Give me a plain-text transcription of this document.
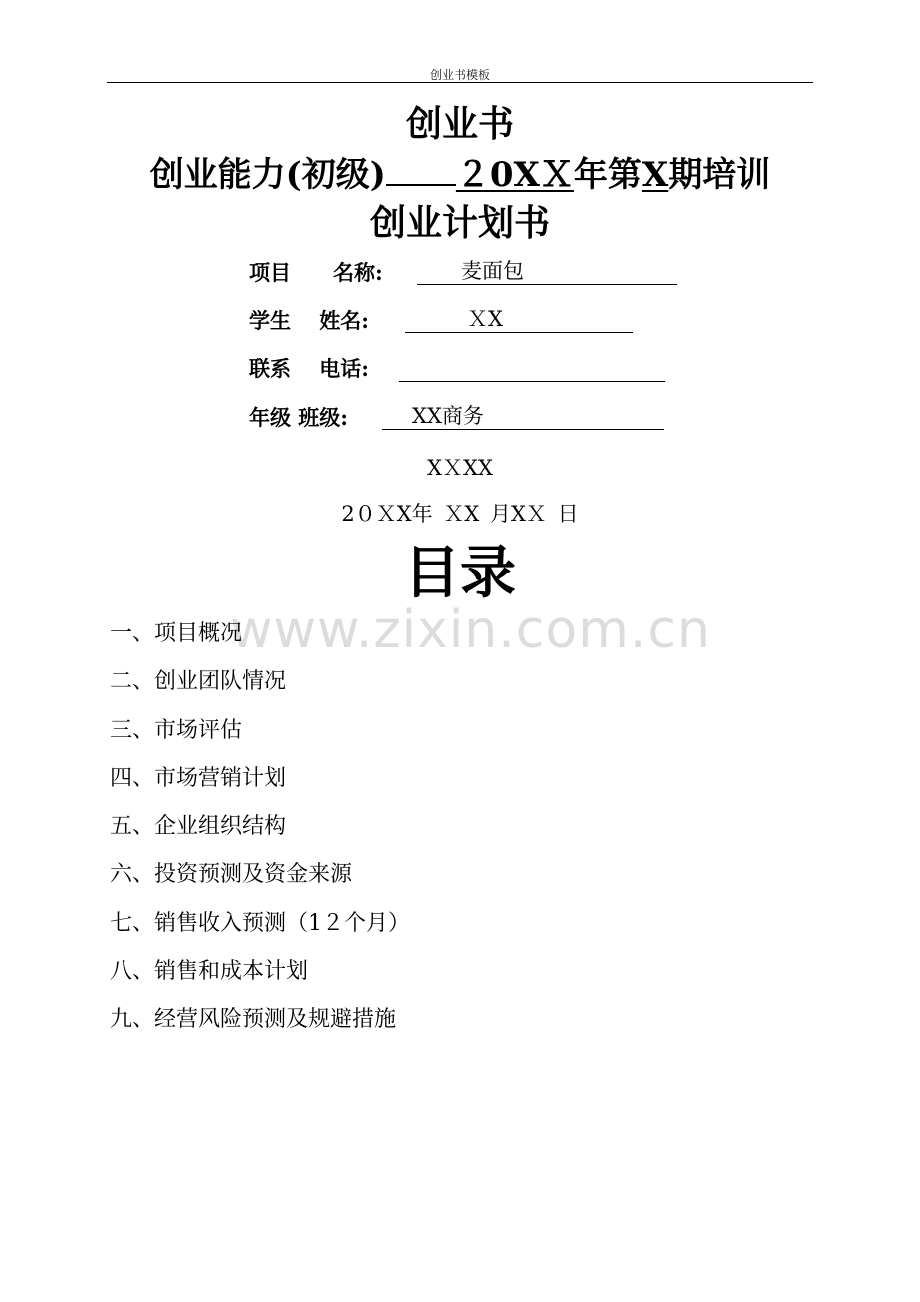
创业书模板
创业书
创业能力(初级) ２0XＸ年第X期培训
创业计划书
项目　　名称:	麦面包
学生　 姓名:	ＸX
联系　 电话:
年级 班级:	XX商务
XＸXX
2０ＸX年 ＸX 月XＸ 日
www.zixin.com.cn
目录
一、项目概况
二、创业团队情况
三、市场评估
四、市场营销计划
五、企业组织结构
六、投资预测及资金来源
七、销售收入预测（1２个月）
八、销售和成本计划
九、经营风险预测及规避措施
